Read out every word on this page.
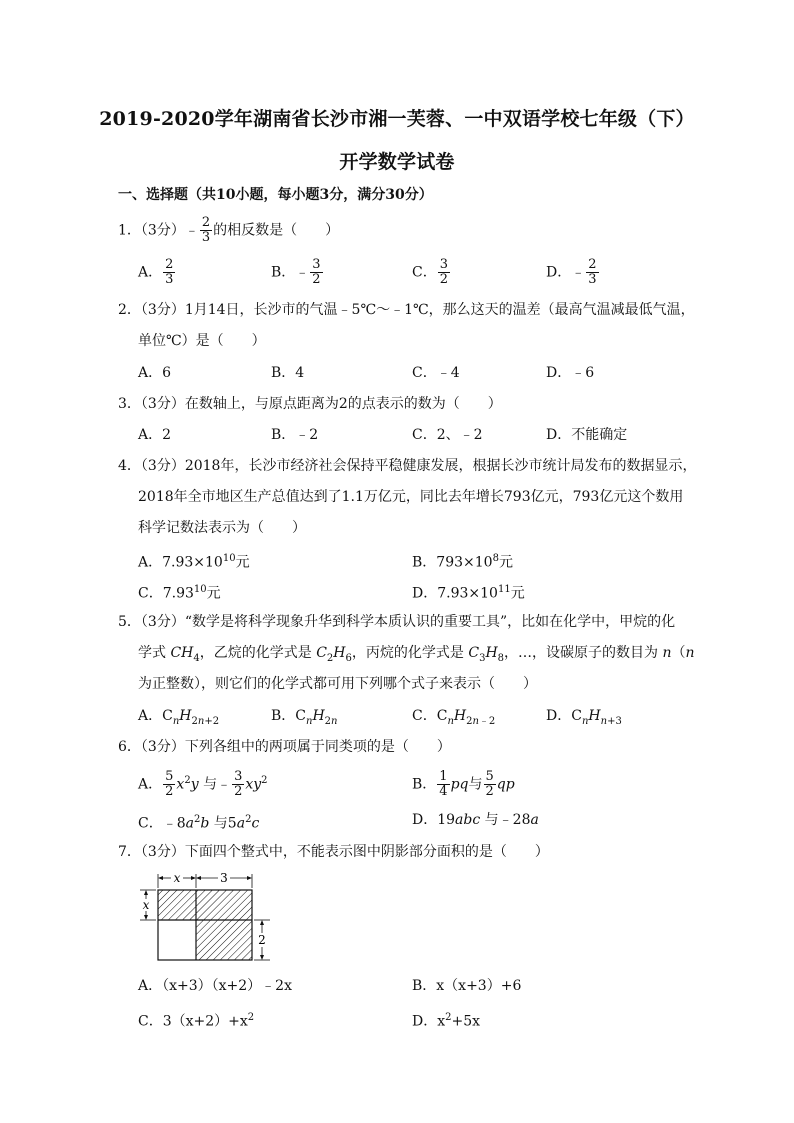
2019-2020学年湖南省长沙市湘一芙蓉、一中双语学校七年级（下）
开学数学试卷
一、选择题（共10小题，每小题3分，满分30分）
1．（3分）﹣ $\frac{2}{3}$ 的相反数是（　　）
A． $\frac{2}{3}$	B．﹣ $\frac{3}{2}$	C． $\frac{3}{2}$	D．﹣ $\frac{2}{3}$
2．（3分）1月14日，长沙市的气温﹣5℃～﹣1℃，那么这天的温差（最高气温减最低气温，
单位℃）是（　　）
A．6	B．4	C．﹣4	D．﹣6
3．（3分）在数轴上，与原点距离为2的点表示的数为（　　）
A．2	B．﹣2	C．2、﹣2	D．不能确定
4．（3分）2018年，长沙市经济社会保持平稳健康发展，根据长沙市统计局发布的数据显示，
2018年全市地区生产总值达到了1.1万亿元，同比去年增长793亿元，793亿元这个数用
科学记数法表示为（　　）
A．$7.93\times 10^{10}$元	B．$793\times 10^8$元
C．7.93$^{10}$元	D．$7.93\times 10^{11}$元
5．（3分）“数学是将科学现象升华到科学本质认识的重要工具”，比如在化学中，甲烷的化
学式 $CH_4$，乙烷的化学式是 $C_2H_6$，丙烷的化学式是 $C_3H_8$，…，设碳原子的数目为 n（n
为正整数），则它们的化学式都可用下列哪个式子来表示（　　）
A．$C_nH_{2n+2}$	B．$C_nH_{2n}$	C．$C_nH_{2n﹣2}$	D．$C_nH_{n+3}$
6．（3分）下列各组中的两项属于同类项的是（　　）
A． $\frac{5}{2} x^2y$ 与﹣ $\frac{3}{2} xy^2$	B． $\frac{1}{4}$ pq与 $\frac{5}{2}$ qp
C．$﹣8a^2b$ 与$5a^2c$	D．19abc 与﹣28a
7．（3分）下面四个整式中，不能表示图中阴影部分面积的是（　　）
x	3
x
2
A．（x+3）（x+2）﹣2x	B．x（x+3）+6
C．$3(x+2)+x^2$	D．$x^2+5x$
